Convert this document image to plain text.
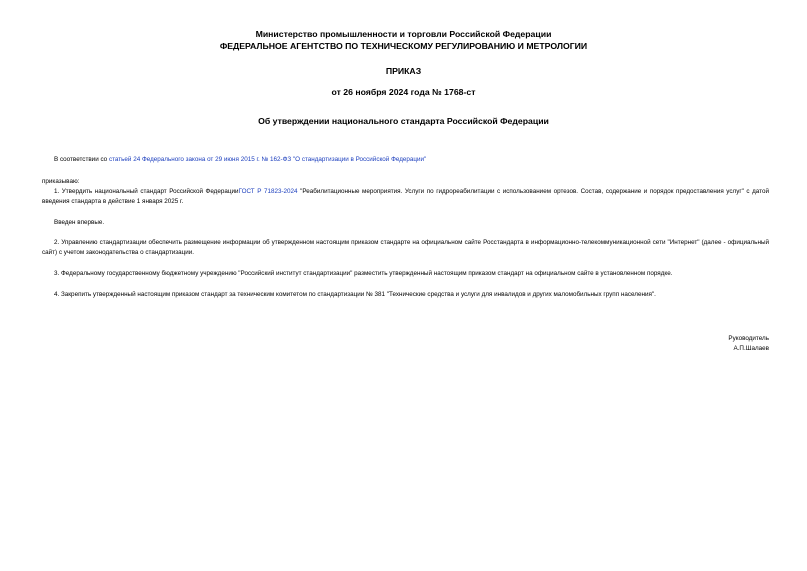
Министерство промышленности и торговли Российской Федерации
ФЕДЕРАЛЬНОЕ АГЕНТСТВО ПО ТЕХНИЧЕСКОМУ РЕГУЛИРОВАНИЮ И МЕТРОЛОГИИ
ПРИКАЗ
от 26 ноября 2024 года № 1768-ст
Об утверждении национального стандарта Российской Федерации
В соответствии со статьей 24 Федерального закона от 29 июня 2015 г. № 162-ФЗ "О стандартизации в Российской Федерации"
приказываю:
1. Утвердить национальный стандарт Российской ФедерацииГОСТ Р 71823-2024 "Реабилитационные мероприятия. Услуги по гидрореабилитации с использованием ортезов. Состав, содержание и порядок предоставления услуг" с датой введения стандарта в действие 1 января 2025 г.
Введен впервые.
2. Управлению стандартизации обеспечить размещение информации об утвержденном настоящим приказом стандарте на официальном сайте Росстандарта в информационно-телекоммуникационной сети "Интернет" (далее - официальный сайт) с учетом законодательства о стандартизации.
3. Федеральному государственному бюджетному учреждению "Российский институт стандартизации" разместить утвержденный настоящим приказом стандарт на официальном сайте в установленном порядке.
4. Закрепить утвержденный настоящим приказом стандарт за техническим комитетом по стандартизации № 381 "Технические средства и услуги для инвалидов и других маломобильных групп населения".
Руководитель
А.П.Шалаев
